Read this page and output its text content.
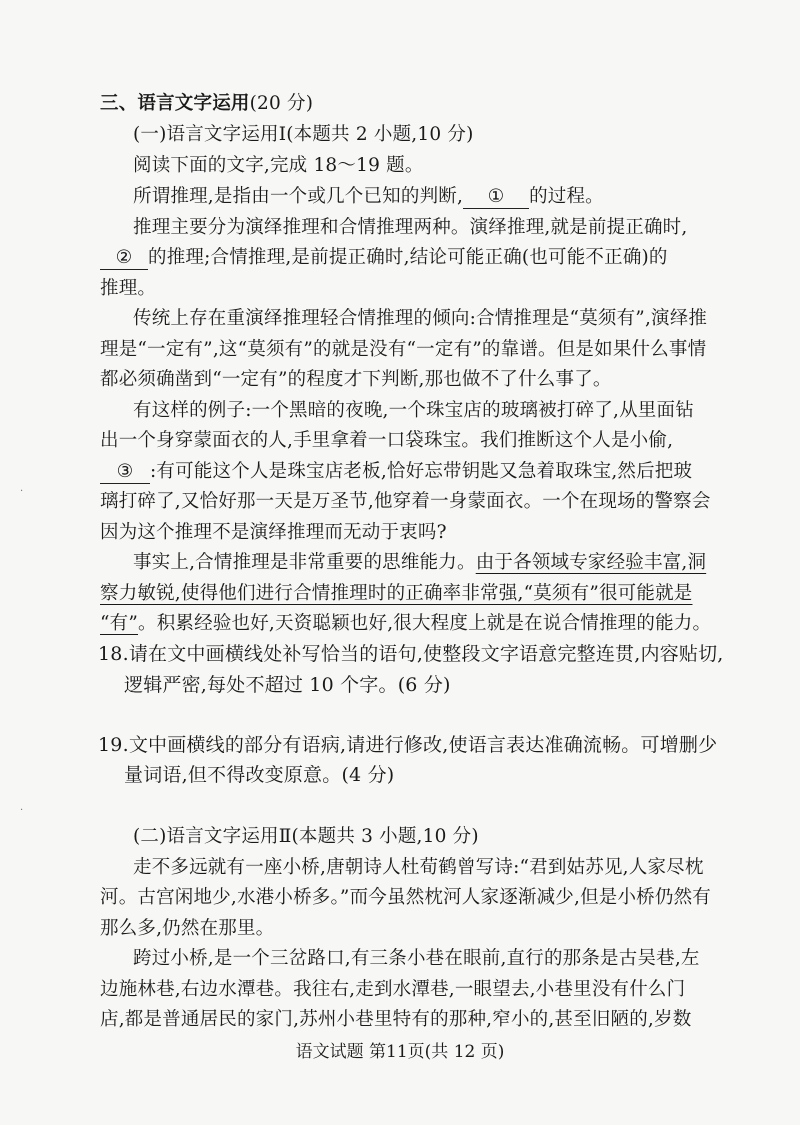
三、语言文字运用(20 分)
(一)语言文字运用Ⅰ(本题共 2 小题,10 分)
阅读下面的文字,完成 18～19 题。
所谓推理,是指由一个或几个已知的判断, ① 的过程。
推理主要分为演绎推理和合情推理两种。演绎推理,就是前提正确时,
② 的推理;合情推理,是前提正确时,结论可能正确(也可能不正确)的
推理。
传统上存在重演绎推理轻合情推理的倾向:合情推理是“莫须有”,演绎推
理是“一定有”,这“莫须有”的就是没有“一定有”的靠谱。但是如果什么事情
都必须确凿到“一定有”的程度才下判断,那也做不了什么事了。
有这样的例子:一个黑暗的夜晚,一个珠宝店的玻璃被打碎了,从里面钻
出一个身穿蒙面衣的人,手里拿着一口袋珠宝。我们推断这个人是小偷,
③ :有可能这个人是珠宝店老板,恰好忘带钥匙又急着取珠宝,然后把玻
璃打碎了,又恰好那一天是万圣节,他穿着一身蒙面衣。一个在现场的警察会
因为这个推理不是演绎推理而无动于衷吗?
事实上,合情推理是非常重要的思维能力。由于各领域专家经验丰富,洞
察力敏锐,使得他们进行合情推理时的正确率非常强,“莫须有”很可能就是
“有”。积累经验也好,天资聪颖也好,很大程度上就是在说合情推理的能力。
18.请在文中画横线处补写恰当的语句,使整段文字语意完整连贯,内容贴切,
逻辑严密,每处不超过 10 个字。(6 分)
19.文中画横线的部分有语病,请进行修改,使语言表达准确流畅。可增删少
量词语,但不得改变原意。(4 分)
(二)语言文字运用Ⅱ(本题共 3 小题,10 分)
走不多远就有一座小桥,唐朝诗人杜荀鹤曾写诗:“君到姑苏见,人家尽枕
河。古宫闲地少,水港小桥多。”而今虽然枕河人家逐渐减少,但是小桥仍然有
那么多,仍然在那里。
跨过小桥,是一个三岔路口,有三条小巷在眼前,直行的那条是古吴巷,左
边施林巷,右边水潭巷。我往右,走到水潭巷,一眼望去,小巷里没有什么门
店,都是普通居民的家门,苏州小巷里特有的那种,窄小的,甚至旧陋的,岁数
语文试题 第11页(共 12 页)
·
·
